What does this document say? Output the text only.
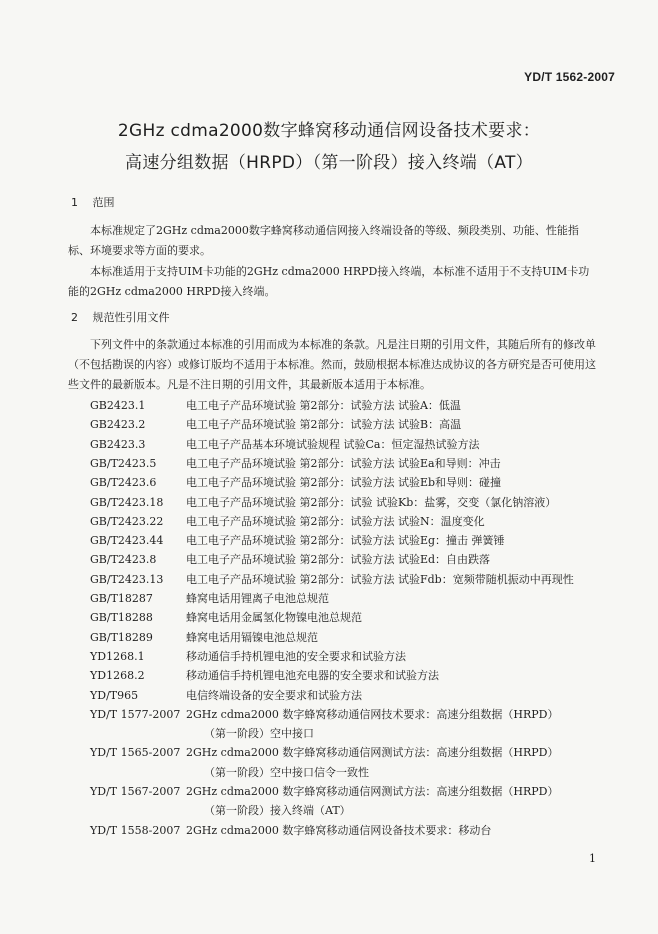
YD/T 1562-2007
2GHz cdma2000数字蜂窝移动通信网设备技术要求：
高速分组数据（HRPD）（第一阶段）接入终端（AT）
1 范围
本标准规定了2GHz cdma2000数字蜂窝移动通信网接入终端设备的等级、频段类别、功能、性能指标、环境要求等方面的要求。
本标准适用于支持UIM卡功能的2GHz cdma2000 HRPD接入终端，本标准不适用于不支持UIM卡功能的2GHz cdma2000 HRPD接入终端。
2 规范性引用文件
下列文件中的条款通过本标准的引用而成为本标准的条款。凡是注日期的引用文件，其随后所有的修改单（不包括勘误的内容）或修订版均不适用于本标准。然而，鼓励根据本标准达成协议的各方研究是否可使用这些文件的最新版本。凡是不注日期的引用文件，其最新版本适用于本标准。
GB2423.1	电工电子产品环境试验 第2部分：试验方法 试验A：低温
GB2423.2	电工电子产品环境试验 第2部分：试验方法 试验B：高温
GB2423.3	电工电子产品基本环境试验规程 试验Ca：恒定湿热试验方法
GB/T2423.5	电工电子产品环境试验 第2部分：试验方法 试验Ea和导则：冲击
GB/T2423.6	电工电子产品环境试验 第2部分：试验方法 试验Eb和导则：碰撞
GB/T2423.18 电工电子产品环境试验 第2部分：试验 试验Kb：盐雾，交变（氯化钠溶液）
GB/T2423.22 电工电子产品环境试验 第2部分：试验方法 试验N：温度变化
GB/T2423.44 电工电子产品环境试验 第2部分：试验方法 试验Eg：撞击 弹簧锤
GB/T2423.8	电工电子产品环境试验 第2部分：试验方法 试验Ed：自由跌落
GB/T2423.13 电工电子产品环境试验 第2部分：试验方法 试验Fdb：宽频带随机振动中再现性
GB/T18287	蜂窝电话用锂离子电池总规范
GB/T18288	蜂窝电话用金属氢化物镍电池总规范
GB/T18289	蜂窝电话用镉镍电池总规范
YD1268.1	移动通信手持机锂电池的安全要求和试验方法
YD1268.2	移动通信手持机锂电池充电器的安全要求和试验方法
YD/T965	电信终端设备的安全要求和试验方法
YD/T 1577-2007 2GHz cdma2000 数字蜂窝移动通信网技术要求：高速分组数据（HRPD）
（第一阶段）空中接口
YD/T 1565-2007 2GHz cdma2000 数字蜂窝移动通信网测试方法：高速分组数据（HRPD）
（第一阶段）空中接口信令一致性
YD/T 1567-2007 2GHz cdma2000 数字蜂窝移动通信网测试方法：高速分组数据（HRPD）
（第一阶段）接入终端（AT）
YD/T 1558-2007 2GHz cdma2000 数字蜂窝移动通信网设备技术要求：移动台
1
